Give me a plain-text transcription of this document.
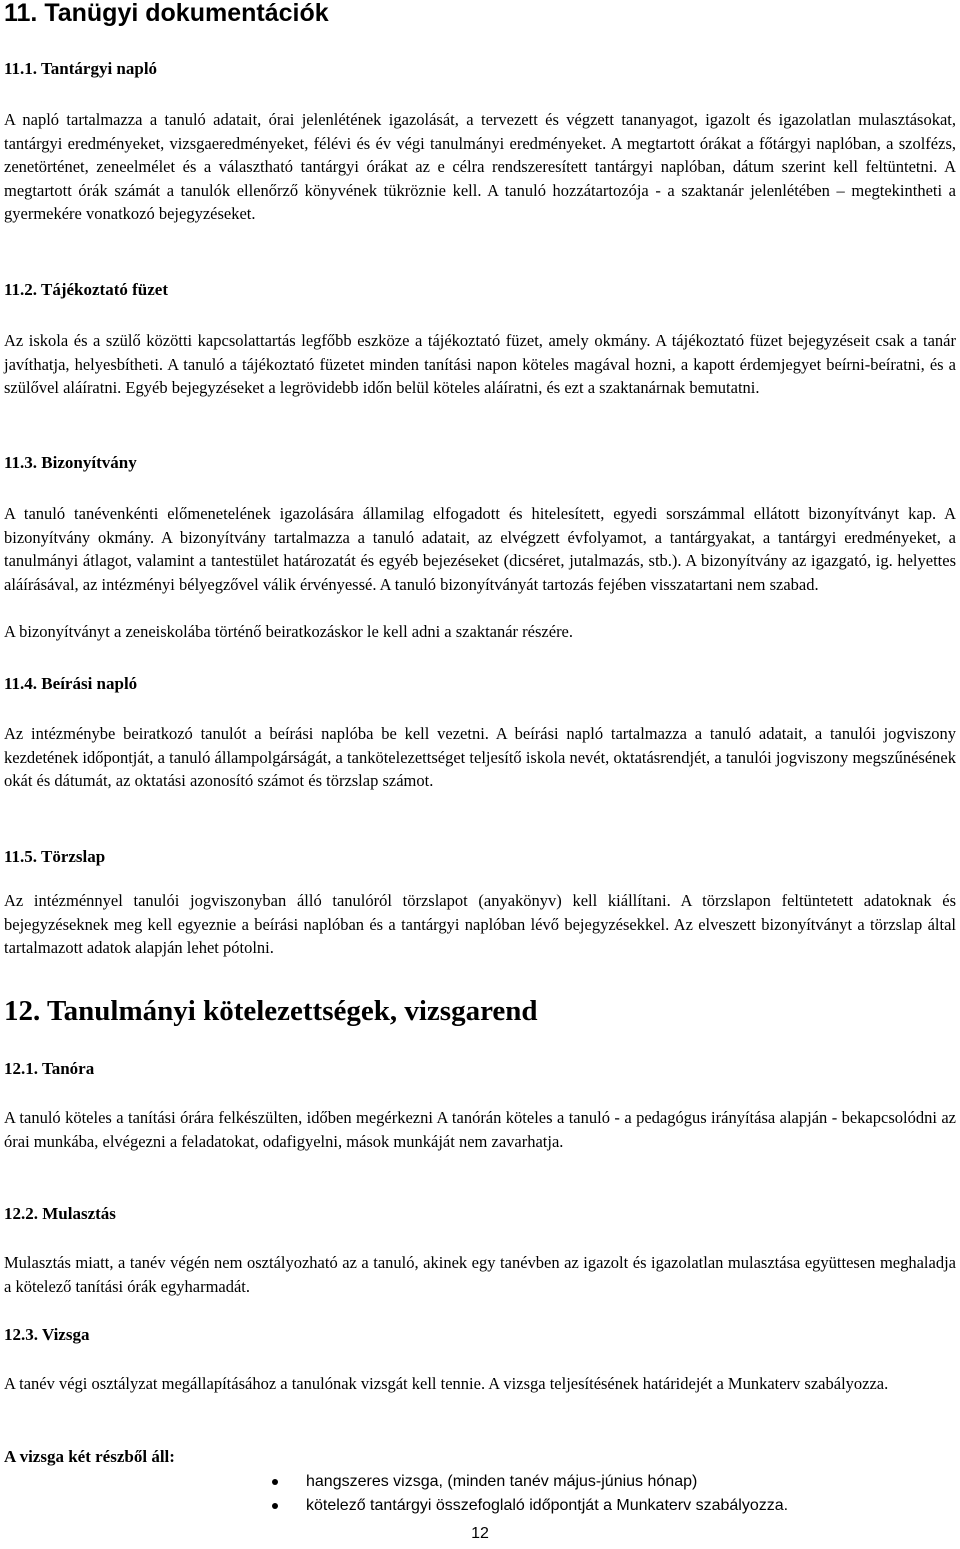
11. Tanügyi dokumentációk
11.1. Tantárgyi napló

A napló tartalmazza a tanuló adatait, órai jelenlétének igazolását, a tervezett és végzett tananyagot, igazolt és igazolatlan mulasztásokat, tantárgyi eredményeket, vizsgaeredményeket, félévi és év végi tanulmányi eredményeket. A megtartott órákat a főtárgyi naplóban, a szolfézs, zenetörténet, zeneelmélet és a választható tantárgyi órákat az e célra rendszeresített tantárgyi naplóban, dátum szerint kell feltüntetni. A megtartott órák számát a tanulók ellenőrző könyvének tükröznie kell. A tanuló hozzátartozója - a szaktanár jelenlétében – megtekintheti a gyermekére vonatkozó bejegyzéseket.

11.2. Tájékoztató füzet

Az iskola és a szülő közötti kapcsolattartás legfőbb eszköze a tájékoztató füzet, amely okmány. A tájékoztató füzet bejegyzéseit csak a tanár javíthatja, helyesbítheti. A tanuló a tájékoztató füzetet minden tanítási napon köteles magával hozni, a kapott érdemjegyet beírni-beíratni, és a szülővel aláíratni. Egyéb bejegyzéseket a legrövidebb időn belül köteles aláíratni, és ezt a szaktanárnak bemutatni.

11.3. Bizonyítvány

A tanuló tanévenkénti előmenetelének igazolására államilag elfogadott és hitelesített, egyedi sorszámmal ellátott bizonyítványt kap. A bizonyítvány okmány. A bizonyítvány tartalmazza a tanuló adatait, az elvégzett évfolyamot, a tantárgyakat, a tantárgyi eredményeket, a tanulmányi átlagot, valamint a tantestület határozatát és egyéb bejezéseket (dicséret, jutalmazás, stb.). A bizonyítvány az igazgató, ig. helyettes aláírásával, az intézményi bélyegzővel válik érvényessé. A tanuló bizonyítványát tartozás fejében visszatartani nem szabad.

A bizonyítványt a zeneiskolába történő beiratkozáskor le kell adni a szaktanár részére.

11.4. Beírási napló

Az intézménybe beiratkozó tanulót a beírási naplóba be kell vezetni. A beírási napló tartalmazza a tanuló adatait, a tanulói jogviszony kezdetének időpontját, a tanuló állampolgárságát, a tankötelezettséget teljesítő iskola nevét, oktatásrendjét, a tanulói jogviszony megszűnésének okát és dátumát, az oktatási azonosító számot és törzslap számot.

11.5. Törzslap

Az intézménnyel tanulói jogviszonyban álló tanulóról törzslapot (anyakönyv) kell kiállítani. A törzslapon feltüntetett adatoknak és bejegyzéseknek meg kell egyeznie a beírási naplóban és a tantárgyi naplóban lévő bejegyzésekkel. Az elveszett bizonyítványt a törzslap által tartalmazott adatok alapján lehet pótolni.

12. Tanulmányi kötelezettségek, vizsgarend
12.1. Tanóra

A tanuló köteles a tanítási órára felkészülten, időben megérkezni A tanórán köteles a tanuló - a pedagógus irányítása alapján - bekapcsolódni az órai munkába, elvégezni a feladatokat, odafigyelni, mások munkáját nem zavarhatja.

12.2. Mulasztás

Mulasztás miatt, a tanév végén nem osztályozható az a tanuló, akinek egy tanévben az igazolt és igazolatlan mulasztása együttesen meghaladja a kötelező tanítási órák egyharmadát.

12.3. Vizsga

A tanév végi osztályzat megállapításához a tanulónak vizsgát kell tennie. A vizsga teljesítésének határidejét a Munkaterv szabályozza.

A vizsga két részből áll:
hangszeres vizsga, (minden tanév május-június hónap)
kötelező tantárgyi összefoglaló időpontját a Munkaterv szabályozza.
12
